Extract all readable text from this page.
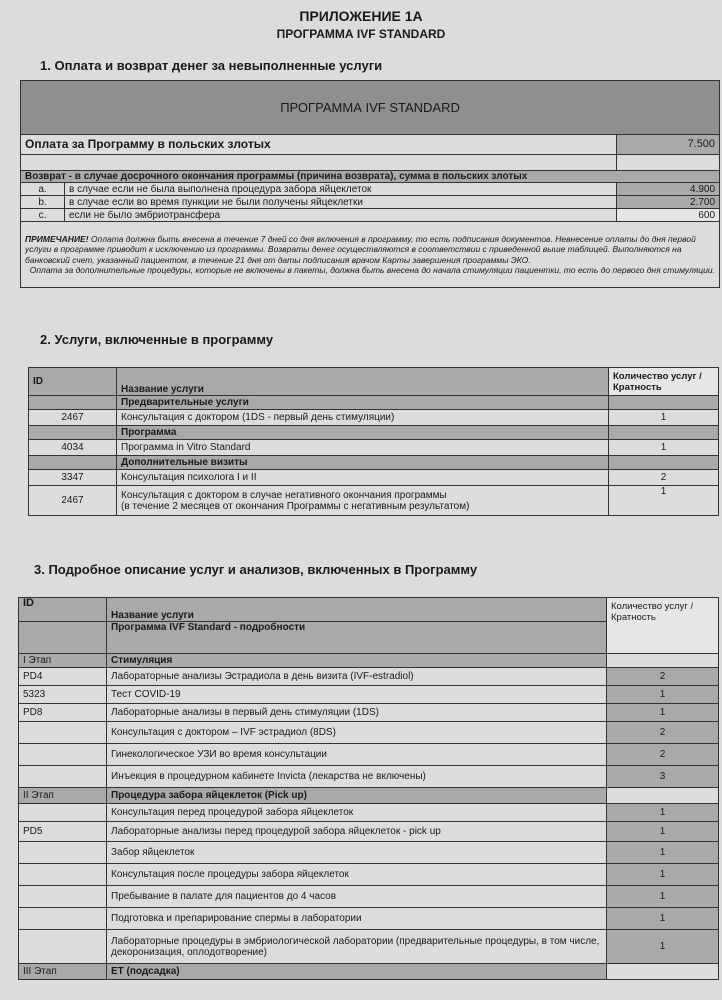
ПРИЛОЖЕНИЕ 1А
ПРОГРАММА IVF STANDARD
1. Оплата и возврат денег за невыполненные услуги
ПРОГРАММА IVF STANDARD		
Оплата за Программу в польских злотых		7.500

Возврат - в случае досрочного окончания программы (причина возврата), сумма в польских злотых		
a.	в случае если не была выполнена процедура забора яйцеклеток	4.900
b.	в случае если во время пункции не были получены яйцеклетки	2.700
c.	если не было эмбриотрансфера	600
ПРИМЕЧАНИЕ! Оплата должна быть внесена в течение 7 дней со дня включения в программу, то есть подписания документов. Невнесение оплаты до дня первой услуги в программе приводит к исключению из программы. Возвраты денег осуществляются в соответствии с приведенной выше таблицей. Выполняются на банковский счет, указанный пациентом, в течение 21 дня от даты подписания врачом Карты завершения программы ЭКО.
Оплата за дополнительные процедуры, которые не включены в пакеты, должна быть внесена до начала стимуляции пациентки, то есть до первого дня стимуляции.		
2. Услуги, включенные в программу
ID	Название услуги	Количество услуг /Кратность
	Предварительные услуги	
2467	Консультация с доктором (1DS - первый день стимуляции)	1
	Программа	
4034	Программа in Vitro Standard	1
	Дополнительные визиты	
3347	Консультация психолога I и II	2
2467	Консультация с доктором в случае негативного окончания программы
(в течение 2 месяцев от окончания Программы с негативным результатом)	1
3. Подробное описание услуг и анализов, включенных в Программу
ID	Название услуги	Количество услуг /Кратность
	Программа IVF Standard - подробности	
I Этап	Стимуляция	
PD4	Лабораторные анализы Эстрадиола в день визита (IVF-estradiol)	2
5323	Тест COVID-19	1
PD8	Лабораторные анализы в первый день стимуляции (1DS)	1
	Консультация с доктором – IVF эстрадиол (8DS)	2
	Гинекологическое УЗИ во время консультации	2
	Инъекция в процедурном кабинете Invicta (лекарства не включены)	3
II Этап	Процедура забора яйцеклеток (Pick up)	
	Консультация перед процедурой забора яйцеклеток	1
PD5	Лабораторные анализы перед процедурой забора яйцеклеток - pick up	1
	Забор яйцеклеток	1
	Консультация после процедуры забора яйцеклеток	1
	Пребывание в палате для пациентов до 4 часов	1
	Подготовка и препарирование спермы в лаборатории	1
	Лабораторные процедуры в эмбриологической лаборатории (предварительные процедуры, в том числе, декоронизация, оплодотворение)	1
III Этап	ET (подсадка)	
